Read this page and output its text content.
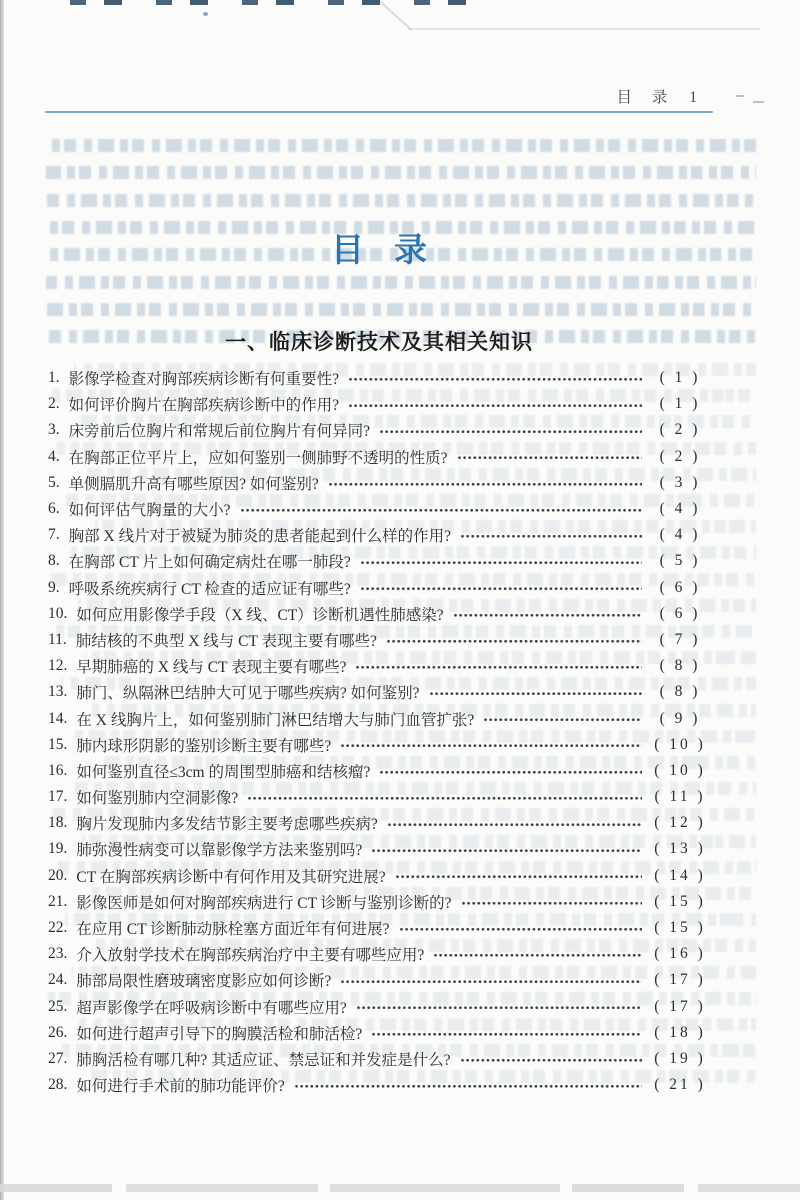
目 录 1
目 录
一、临床诊断技术及其相关知识
1. 影像学检查对胸部疾病诊断有何重要性?	( 1 )
2. 如何评价胸片在胸部疾病诊断中的作用?	( 1 )
3. 床旁前后位胸片和常规后前位胸片有何异同?	( 2 )
4. 在胸部正位平片上，应如何鉴别一侧肺野不透明的性质?	( 2 )
5. 单侧膈肌升高有哪些原因? 如何鉴别?	( 3 )
6. 如何评估气胸量的大小?	( 4 )
7. 胸部 X 线片对于被疑为肺炎的患者能起到什么样的作用?	( 4 )
8. 在胸部 CT 片上如何确定病灶在哪一肺段?	( 5 )
9. 呼吸系统疾病行 CT 检查的适应证有哪些?	( 6 )
10. 如何应用影像学手段（X 线、CT）诊断机遇性肺感染?	( 6 )
11. 肺结核的不典型 X 线与 CT 表现主要有哪些?	( 7 )
12. 早期肺癌的 X 线与 CT 表现主要有哪些?	( 8 )
13. 肺门、纵隔淋巴结肿大可见于哪些疾病? 如何鉴别?	( 8 )
14. 在 X 线胸片上，如何鉴别肺门淋巴结增大与肺门血管扩张?	( 9 )
15. 肺内球形阴影的鉴别诊断主要有哪些?	( 10 )
16. 如何鉴别直径≤3cm 的周围型肺癌和结核瘤?	( 10 )
17. 如何鉴别肺内空洞影像?	( 11 )
18. 胸片发现肺内多发结节影主要考虑哪些疾病?	( 12 )
19. 肺弥漫性病变可以靠影像学方法来鉴别吗?	( 13 )
20. CT 在胸部疾病诊断中有何作用及其研究进展?	( 14 )
21. 影像医师是如何对胸部疾病进行 CT 诊断与鉴别诊断的?	( 15 )
22. 在应用 CT 诊断肺动脉栓塞方面近年有何进展?	( 15 )
23. 介入放射学技术在胸部疾病治疗中主要有哪些应用?	( 16 )
24. 肺部局限性磨玻璃密度影应如何诊断?	( 17 )
25. 超声影像学在呼吸病诊断中有哪些应用?	( 17 )
26. 如何进行超声引导下的胸膜活检和肺活检?	( 18 )
27. 肺胸活检有哪几种? 其适应证、禁忌证和并发症是什么?	( 19 )
28. 如何进行手术前的肺功能评价?	( 21 )
